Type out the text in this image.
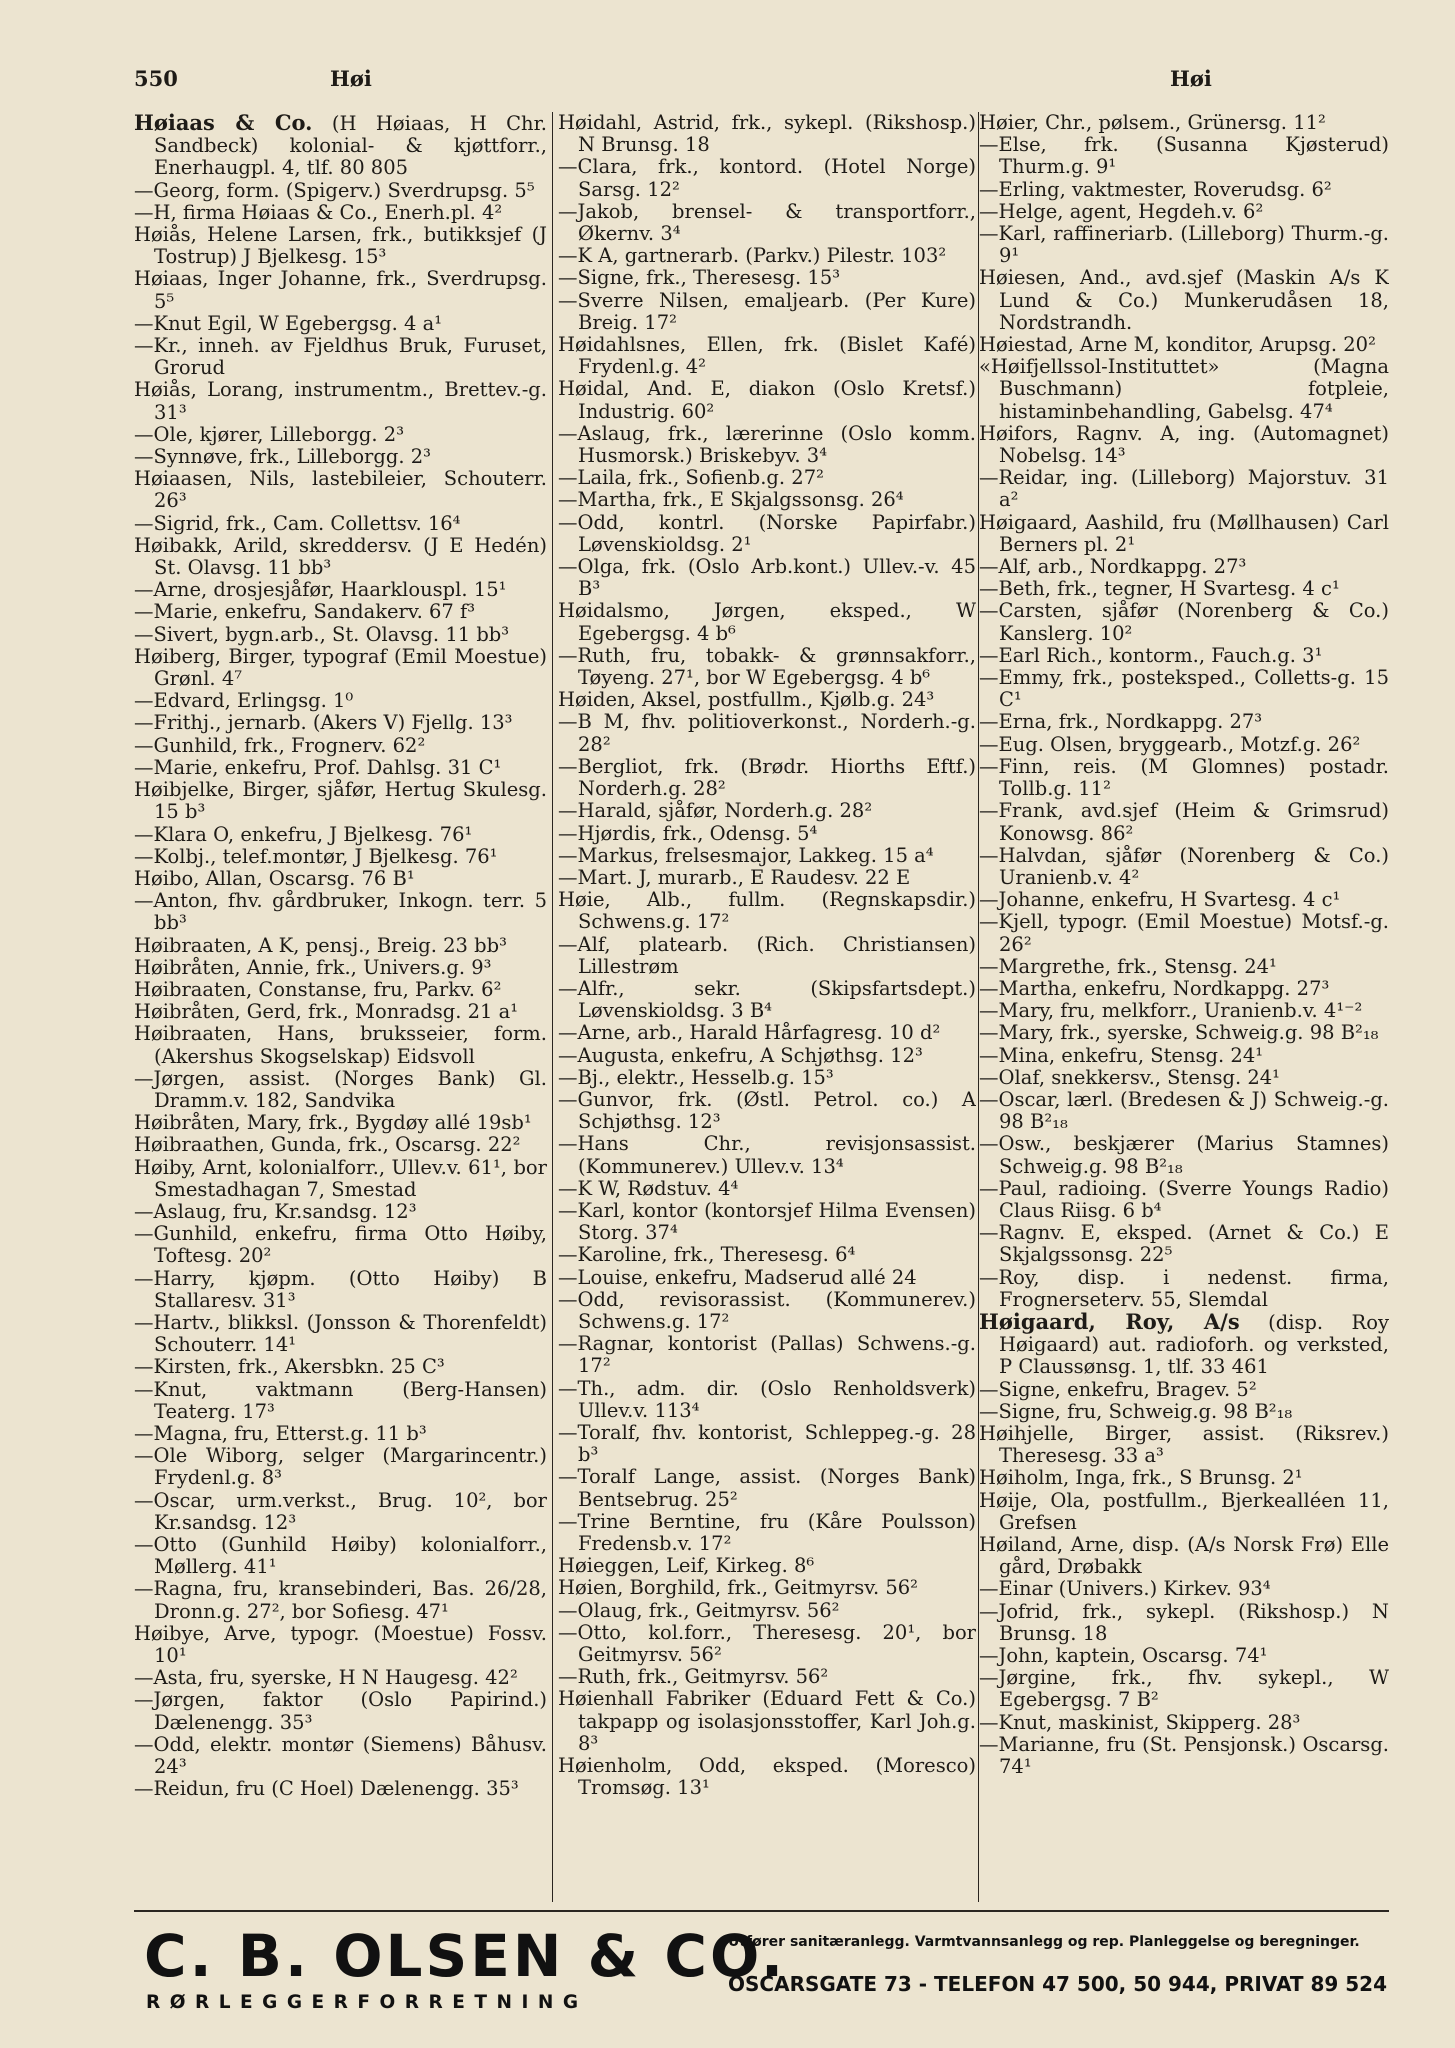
550	Høi	Høi

Høiaas & Co. (H Høiaas, H Chr. Sandbeck) kolonial- & kjøttforr., Enerhaugpl. 4, tlf. 80 805

—Georg, form. (Spigerv.) Sverdrupsg. 5⁵

—H, firma Høiaas & Co., Enerh.pl. 4²

Høiås, Helene Larsen, frk., butikksjef (J Tostrup) J Bjelkesg. 15³

Høiaas, Inger Johanne, frk., Sverdrupsg. 5⁵

—Knut Egil, W Egebergsg. 4 a¹

—Kr., inneh. av Fjeldhus Bruk, Furuset, Grorud

Høiås, Lorang, instrumentm., Brettev.-g. 31³

—Ole, kjører, Lilleborgg. 2³

—Synnøve, frk., Lilleborgg. 2³

Høiaasen, Nils, lastebileier, Schouterr. 26³

—Sigrid, frk., Cam. Collettsv. 16⁴

Høibakk, Arild, skreddersv. (J E Hedén) St. Olavsg. 11 bb³

—Arne, drosjesjåfør, Haarklouspl. 15¹

—Marie, enkefru, Sandakerv. 67 f³

—Sivert, bygn.arb., St. Olavsg. 11 bb³

Høiberg, Birger, typograf (Emil Moestue) Grønl. 4⁷

—Edvard, Erlingsg. 1⁰

—Frithj., jernarb. (Akers V) Fjellg. 13³

—Gunhild, frk., Frognerv. 62²

—Marie, enkefru, Prof. Dahlsg. 31 C¹

Høibjelke, Birger, sjåfør, Hertug Skulesg. 15 b³

—Klara O, enkefru, J Bjelkesg. 76¹

—Kolbj., telef.montør, J Bjelkesg. 76¹

Høibo, Allan, Oscarsg. 76 B¹

—Anton, fhv. gårdbruker, Inkogn. terr. 5 bb³

Høibraaten, A K, pensj., Breig. 23 bb³

Høibråten, Annie, frk., Univers.g. 9³

Høibraaten, Constanse, fru, Parkv. 6²

Høibråten, Gerd, frk., Monradsg. 21 a¹

Høibraaten, Hans, bruksseier, form. (Akershus Skogselskap) Eidsvoll

—Jørgen, assist. (Norges Bank) Gl. Dramm.v. 182, Sandvika

Høibråten, Mary, frk., Bygdøy allé 19sb¹

Høibraathen, Gunda, frk., Oscarsg. 22²

Høiby, Arnt, kolonialforr., Ullev.v. 61¹, bor Smestadhagan 7, Smestad

—Aslaug, fru, Kr.sandsg. 12³

—Gunhild, enkefru, firma Otto Høiby, Toftesg. 20²

—Harry, kjøpm. (Otto Høiby) B Stallaresv. 31³

—Hartv., blikksl. (Jonsson & Thorenfeldt) Schouterr. 14¹

—Kirsten, frk., Akersbkn. 25 C³

—Knut, vaktmann (Berg-Hansen) Teaterg. 17³

—Magna, fru, Etterst.g. 11 b³

—Ole Wiborg, selger (Margarincentr.) Frydenl.g. 8³

—Oscar, urm.verkst., Brug. 10², bor Kr.sandsg. 12³

—Otto (Gunhild Høiby) kolonialforr., Møllerg. 41¹

—Ragna, fru, kransebinderi, Bas. 26/28, Dronn.g. 27², bor Sofiesg. 47¹

Høibye, Arve, typogr. (Moestue) Fossv. 10¹

—Asta, fru, syerske, H N Haugesg. 42²

—Jørgen, faktor (Oslo Papirind.) Dælenengg. 35³

—Odd, elektr. montør (Siemens) Båhusv. 24³

—Reidun, fru (C Hoel) Dælenengg. 35³

Høidahl, Astrid, frk., sykepl. (Rikshosp.) N Brunsg. 18

—Clara, frk., kontord. (Hotel Norge) Sarsg. 12²

—Jakob, brensel- & transportforr., Økernv. 3⁴

—K A, gartnerarb. (Parkv.) Pilestr. 103²

—Signe, frk., Theresesg. 15³

—Sverre Nilsen, emaljearb. (Per Kure) Breig. 17²

Høidahlsnes, Ellen, frk. (Bislet Kafé) Frydenl.g. 4²

Høidal, And. E, diakon (Oslo Kretsf.) Industrig. 60²

—Aslaug, frk., lærerinne (Oslo komm. Husmorsk.) Briskebyv. 3⁴

—Laila, frk., Sofienb.g. 27²

—Martha, frk., E Skjalgssonsg. 26⁴

—Odd, kontrl. (Norske Papirfabr.) Løvenskioldsg. 2¹

—Olga, frk. (Oslo Arb.kont.) Ullev.-v. 45 B³

Høidalsmo, Jørgen, eksped., W Egebergsg. 4 b⁶

—Ruth, fru, tobakk- & grønnsakforr., Tøyeng. 27¹, bor W Egebergsg. 4 b⁶

Høiden, Aksel, postfullm., Kjølb.g. 24³

—B M, fhv. politioverkonst., Norderh.-g. 28²

—Bergliot, frk. (Brødr. Hiorths Eftf.) Norderh.g. 28²

—Harald, sjåfør, Norderh.g. 28²

—Hjørdis, frk., Odensg. 5⁴

—Markus, frelsesmajor, Lakkeg. 15 a⁴

—Mart. J, murarb., E Raudesv. 22 E

Høie, Alb., fullm. (Regnskapsdir.) Schwens.g. 17²

—Alf, platearb. (Rich. Christiansen) Lillestrøm

—Alfr., sekr. (Skipsfartsdept.) Løvenskioldsg. 3 B⁴

—Arne, arb., Harald Hårfagresg. 10 d²

—Augusta, enkefru, A Schjøthsg. 12³

—Bj., elektr., Hesselb.g. 15³

—Gunvor, frk. (Østl. Petrol. co.) A Schjøthsg. 12³

—Hans Chr., revisjonsassist. (Kommunerev.) Ullev.v. 13⁴

—K W, Rødstuv. 4⁴

—Karl, kontor (kontorsjef Hilma Evensen) Storg. 37⁴

—Karoline, frk., Theresesg. 6⁴

—Louise, enkefru, Madserud allé 24

—Odd, revisorassist. (Kommunerev.) Schwens.g. 17²

—Ragnar, kontorist (Pallas) Schwens.-g. 17²

—Th., adm. dir. (Oslo Renholdsverk) Ullev.v. 113⁴

—Toralf, fhv. kontorist, Schleppeg.-g. 28 b³

—Toralf Lange, assist. (Norges Bank) Bentsebrug. 25²

—Trine Berntine, fru (Kåre Poulsson) Fredensb.v. 17²

Høieggen, Leif, Kirkeg. 8⁶

Høien, Borghild, frk., Geitmyrsv. 56²

—Olaug, frk., Geitmyrsv. 56²

—Otto, kol.forr., Theresesg. 20¹, bor Geitmyrsv. 56²

—Ruth, frk., Geitmyrsv. 56²

Høienhall Fabriker (Eduard Fett & Co.) takpapp og isolasjonsstoffer, Karl Joh.g. 8³

Høienholm, Odd, eksped. (Moresco) Tromsøg. 13¹

Høier, Chr., pølsem., Grünersg. 11²

—Else, frk. (Susanna Kjøsterud) Thurm.g. 9¹

—Erling, vaktmester, Roverudsg. 6²

—Helge, agent, Hegdeh.v. 6²

—Karl, raffineriarb. (Lilleborg) Thurm.-g. 9¹

Høiesen, And., avd.sjef (Maskin A/s K Lund & Co.) Munkerudåsen 18, Nordstrandh.

Høiestad, Arne M, konditor, Arupsg. 20²

«Høifjellssol-Instituttet» (Magna Buschmann) fotpleie, histaminbehandling, Gabelsg. 47⁴

Høifors, Ragnv. A, ing. (Automagnet) Nobelsg. 14³

—Reidar, ing. (Lilleborg) Majorstuv. 31 a²

Høigaard, Aashild, fru (Møllhausen) Carl Berners pl. 2¹

—Alf, arb., Nordkappg. 27³

—Beth, frk., tegner, H Svartesg. 4 c¹

—Carsten, sjåfør (Norenberg & Co.) Kanslerg. 10²

—Earl Rich., kontorm., Fauch.g. 3¹

—Emmy, frk., posteksped., Colletts-g. 15 C¹

—Erna, frk., Nordkappg. 27³

—Eug. Olsen, bryggearb., Motzf.g. 26²

—Finn, reis. (M Glomnes) postadr. Tollb.g. 11²

—Frank, avd.sjef (Heim & Grimsrud) Konowsg. 86²

—Halvdan, sjåfør (Norenberg & Co.) Uranienb.v. 4²

—Johanne, enkefru, H Svartesg. 4 c¹

—Kjell, typogr. (Emil Moestue) Motsf.-g. 26²

—Margrethe, frk., Stensg. 24¹

—Martha, enkefru, Nordkappg. 27³

—Mary, fru, melkforr., Uranienb.v. 4¹⁻²

—Mary, frk., syerske, Schweig.g. 98 B²₁₈

—Mina, enkefru, Stensg. 24¹

—Olaf, snekkersv., Stensg. 24¹

—Oscar, lærl. (Bredesen & J) Schweig.-g. 98 B²₁₈

—Osw., beskjærer (Marius Stamnes) Schweig.g. 98 B²₁₈

—Paul, radioing. (Sverre Youngs Radio) Claus Riisg. 6 b⁴

—Ragnv. E, eksped. (Arnet & Co.) E Skjalgssonsg. 22⁵

—Roy, disp. i nedenst. firma, Frognerseterv. 55, Slemdal

Høigaard, Roy, A/s (disp. Roy Høigaard) aut. radioforh. og verksted, P Claussønsg. 1, tlf. 33 461

—Signe, enkefru, Bragev. 5²

—Signe, fru, Schweig.g. 98 B²₁₈

Høihjelle, Birger, assist. (Riksrev.) Theresesg. 33 a³

Høiholm, Inga, frk., S Brunsg. 2¹

Høije, Ola, postfullm., Bjerkealléen 11, Grefsen

Høiland, Arne, disp. (A/s Norsk Frø) Elle gård, Drøbakk

—Einar (Univers.) Kirkev. 93⁴

—Jofrid, frk., sykepl. (Rikshosp.) N Brunsg. 18

—John, kaptein, Oscarsg. 74¹

—Jørgine, frk., fhv. sykepl., W Egebergsg. 7 B²

—Knut, maskinist, Skipperg. 28³

—Marianne, fru (St. Pensjonsk.) Oscarsg. 74¹

C. B. OLSEN & CO.
RØRLEGGERFORRETNING
Utfører sanitæranlegg. Varmtvannsanlegg og rep. Planleggelse og beregninger.
OSCARSGATE 73 - TELEFON 47 500, 50 944, PRIVAT 89 524
